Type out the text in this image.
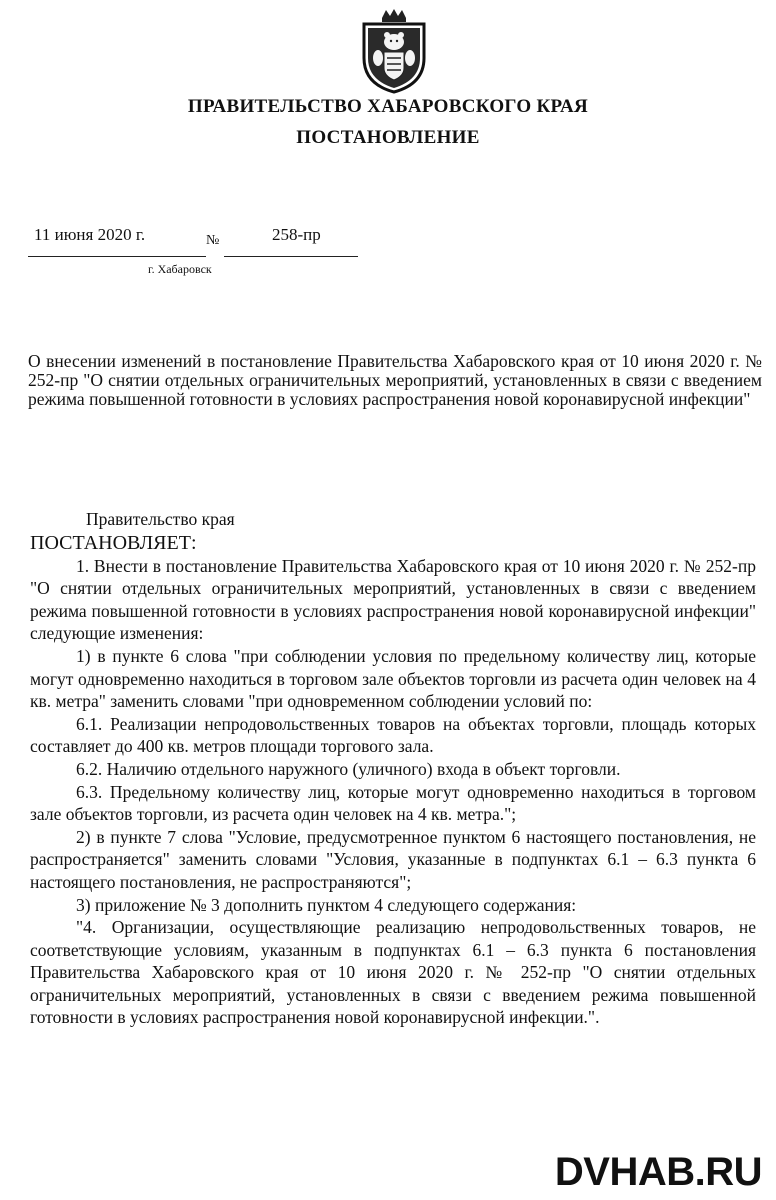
ПРАВИТЕЛЬСТВО ХАБАРОВСКОГО КРАЯ
ПОСТАНОВЛЕНИЕ
11 июня 2020 г.	№	258-пр
г. Хабаровск
О внесении изменений в постановление Правительства Хабаровского края от 10 июня 2020 г. № 252-пр "О снятии отдельных ограничительных мероприятий, установленных в связи с введением режима повышенной готовности в условиях распространения новой коронавирусной инфекции"

Правительство края

ПОСТАНОВЛЯЕТ:

1. Внести в постановление Правительства Хабаровского края от 10 июня 2020 г. № 252-пр "О снятии отдельных ограничительных мероприятий, установленных в связи с введением режима повышенной готовности в условиях распространения новой коронавирусной инфекции" следующие изменения:

1) в пункте 6 слова "при соблюдении условия по предельному количеству лиц, которые могут одновременно находиться в торговом зале объектов торговли из расчета один человек на 4 кв. метра" заменить словами "при одновременном соблюдении условий по:

6.1. Реализации непродовольственных товаров на объектах торговли, площадь которых составляет до 400 кв. метров площади торгового зала.

6.2. Наличию отдельного наружного (уличного) входа в объект торговли.

6.3. Предельному количеству лиц, которые могут одновременно находиться в торговом зале объектов торговли, из расчета один человек на 4 кв. метра.";

2) в пункте 7 слова "Условие, предусмотренное пунктом 6 настоящего постановления, не распространяется" заменить словами "Условия, указанные в подпунктах 6.1 – 6.3 пункта 6 настоящего постановления, не распространяются";

3) приложение № 3 дополнить пунктом 4 следующего содержания:

"4. Организации, осуществляющие реализацию непродовольственных товаров, не соответствующие условиям, указанным в подпунктах 6.1 – 6.3 пункта 6 постановления Правительства Хабаровского края от 10 июня 2020 г. № 252-пр "О снятии отдельных ограничительных мероприятий, установленных в связи с введением режима повышенной готовности в условиях распространения новой коронавирусной инфекции.".

DVHAB.RU
